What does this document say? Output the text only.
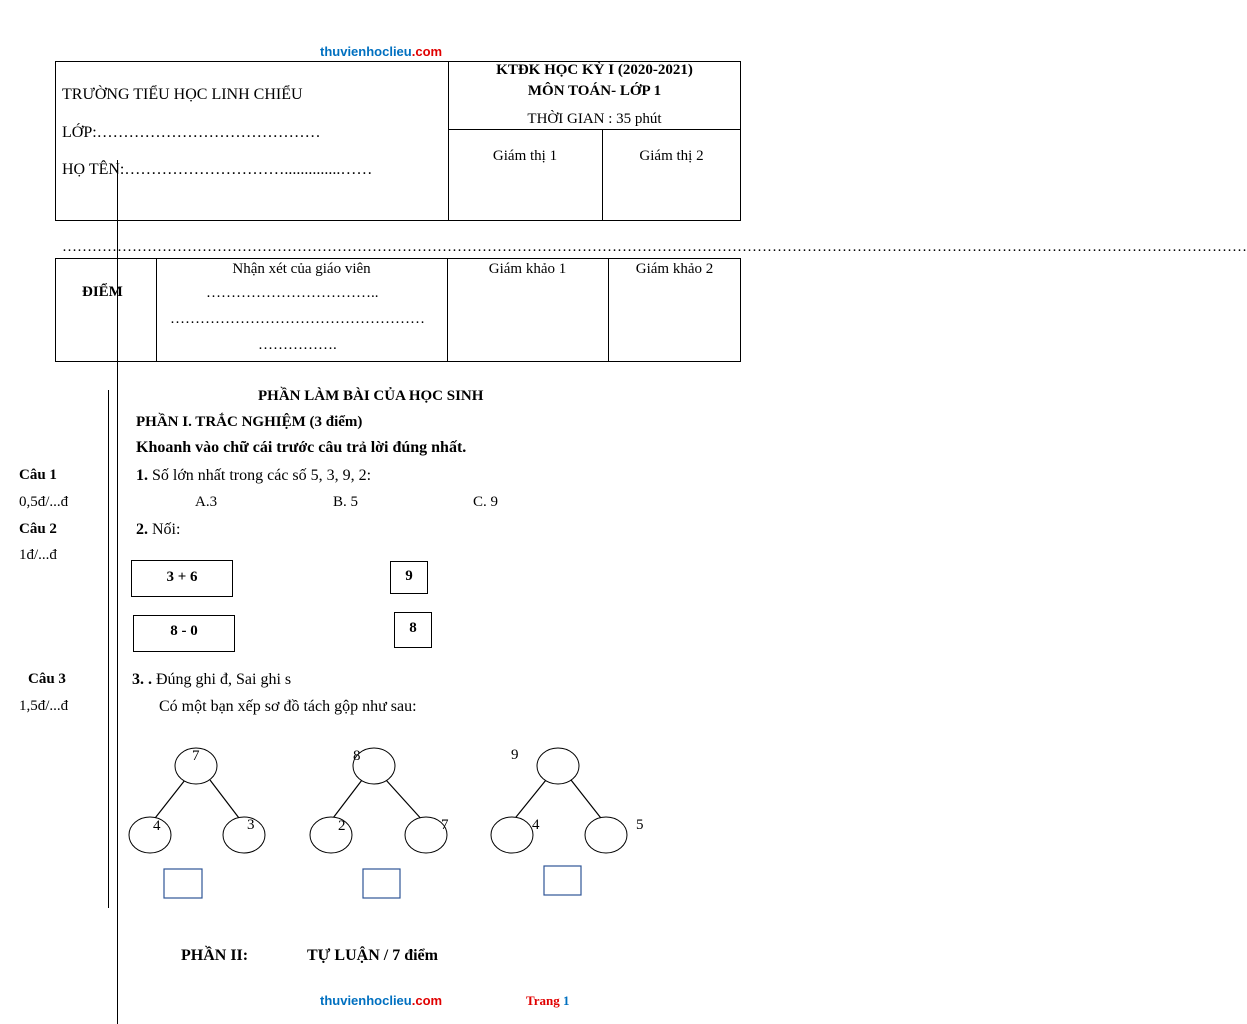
thuvienhoclieu.com
TRƯỜNG TIỂU HỌC LINH CHIỂU
LỚP:……………………………………
HỌ TÊN:…………………………..............……
KTĐK HỌC KỲ I (2020-2021)
MÔN TOÁN- LỚP 1
THỜI GIAN : 35 phút
Giám thị 1	Giám thị 2
…………………………………………………………………………………………………………………………………………………………………………………………………………………
ĐIỂM
Nhận xét của giáo viên
……………………………..
……………………………………………
…………….
Giám khảo 1	Giám khảo 2
PHẦN LÀM BÀI CỦA HỌC SINH
PHẦN I. TRẮC NGHIỆM (3 điểm)
Khoanh vào chữ cái trước câu trả lời đúng nhất.
Câu 1
0,5đ/...đ
1. Số lớn nhất trong các số 5, 3, 9, 2:
A.3	B. 5	C. 9
Câu 2
1đ/...đ
2. Nối:
3 + 6
8 - 0
9
8
Câu 3
1,5đ/...đ
3. . Đúng ghi đ, Sai ghi s
Có một bạn xếp sơ đồ tách gộp như sau:
7
4	3
8
2	7
9
4	5
PHẦN II:	TỰ LUẬN / 7 điểm
thuvienhoclieu.com	Trang 1
